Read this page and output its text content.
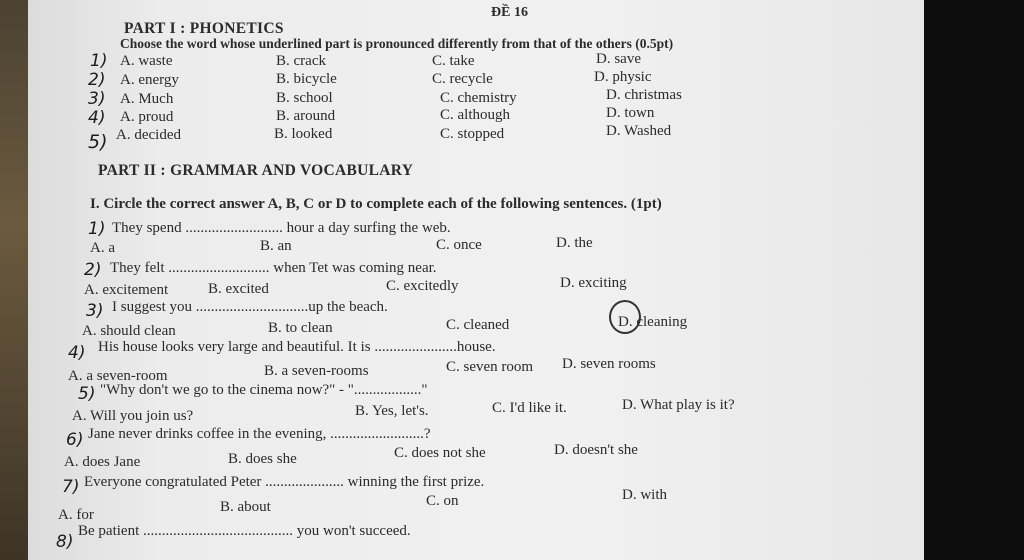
ĐỀ 16
PART I : PHONETICS
Choose the word whose underlined part is pronounced differently from that of the others (0.5pt)
1) A. waste	B. crack	C. take	D. save
2) A. energy	B. bicycle	C. recycle	D. physic
3) A. Much	B. school	C. chemistry	D. christmas
4) A. proud	B. around	C. although	D. town
5) A. decided	B. looked	C. stopped	D. Washed
PART II : GRAMMAR AND VOCABULARY
I. Circle the correct answer A, B, C or D to complete each of the following sentences. (1pt)
1) They spend .......................... hour a day surfing the web.
A. a	B. an	C. once	D. the
2) They felt ........................... when Tet was coming near.
A. excitement	B. excited	C. excitedly	D. exciting
3) I suggest you ..............................up the beach.
A. should clean	B. to clean	C. cleaned	D. cleaning
4) His house looks very large and beautiful. It is ......................house.
A. a seven-room	B. a seven-rooms	C. seven room D. seven rooms
5) "Why don't we go to the cinema now?" - ".................."
A. Will you join us?	B. Yes, let's.	C. I'd like it.	D. What play is it?
6) Jane never drinks coffee in the evening, .........................?
A. does Jane	B. does she	C. does not she	D. doesn't she
7) Everyone congratulated Peter ..................... winning the first prize.
A. for	B. about	C. on	D. with
8)
Be patient ........................................ you won't succeed.
